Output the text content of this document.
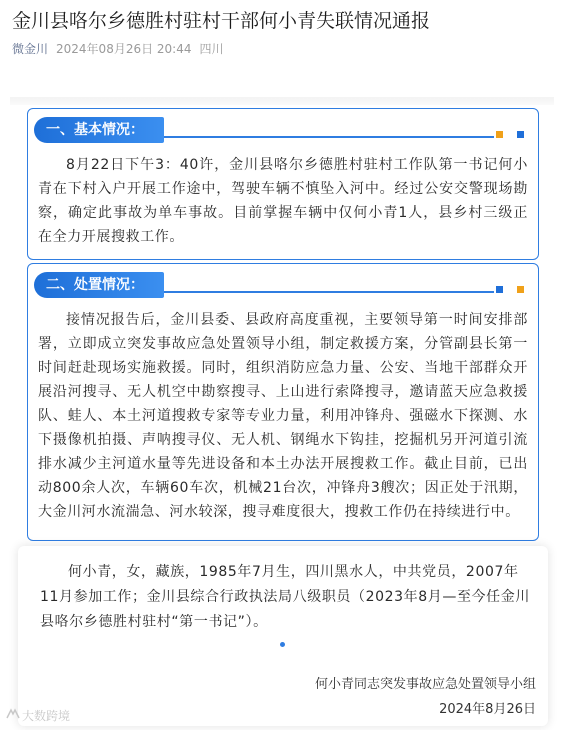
金川县咯尔乡德胜村驻村干部何小青失联情况通报
微金川 2024年08月26日 20:44 四川
一、基本情况：
8月22日下午3：40许，金川县咯尔乡德胜村驻村工作队第一书记何小青在下村入户开展工作途中，驾驶车辆不慎坠入河中。经过公安交警现场勘察，确定此事故为单车事故。目前掌握车辆中仅何小青1人，县乡村三级正在全力开展搜救工作。
二、处置情况：
接情况报告后，金川县委、县政府高度重视，主要领导第一时间安排部署，立即成立突发事故应急处置领导小组，制定救援方案，分管副县长第一时间赶赴现场实施救援。同时，组织消防应急力量、公安、当地干部群众开展沿河搜寻、无人机空中勘察搜寻、上山进行索降搜寻，邀请蓝天应急救援队、蛙人、本土河道搜救专家等专业力量，利用冲锋舟、强磁水下探测、水下摄像机拍摄、声呐搜寻仪、无人机、钢绳水下钩挂，挖掘机另开河道引流排水减少主河道水量等先进设备和本土办法开展搜救工作。截止目前，已出动800余人次，车辆60车次，机械21台次，冲锋舟3艘次；因正处于汛期，大金川河水流湍急、河水较深，搜寻难度很大，搜救工作仍在持续进行中。
何小青，女，藏族，1985年7月生，四川黑水人，中共党员，2007年11月参加工作；金川县综合行政执法局八级职员（2023年8月—至今任金川县咯尔乡德胜村驻村“第一书记”）。
何小青同志突发事故应急处置领导小组
2024年8月26日
大数跨境
